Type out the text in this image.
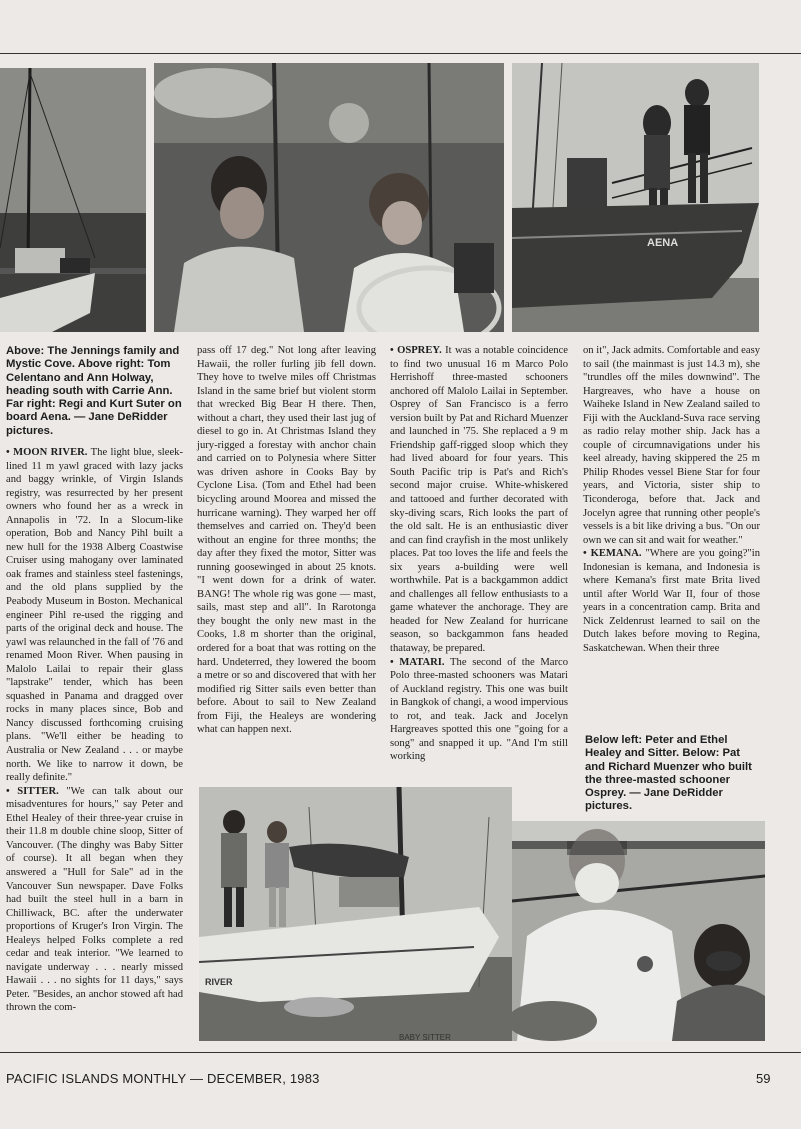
AENA

Above: The Jennings family and Mystic Cove. Above right: Tom Celentano and Ann Holway, heading south with Carrie Ann. Far right: Regi and Kurt Suter on board Aena. — Jane DeRidder pictures.

• MOON RIVER. The light blue, sleek-lined 11 m yawl graced with lazy jacks and baggy wrinkle, of Virgin Islands registry, was resurrected by her present owners who found her as a wreck in Annapolis in '72. In a Slocum-like operation, Bob and Nancy Pihl built a new hull for the 1938 Alberg Coastwise Cruiser using mahogany over laminated oak frames and stainless steel fastenings, and the old plans supplied by the Peabody Museum in Boston. Mechanical engineer Pihl re-used the rigging and parts of the original deck and house. The yawl was relaunched in the fall of '76 and renamed Moon River. When pausing in Malolo Lailai to repair their glass "lapstrake" tender, which has been squashed in Panama and dragged over rocks in many places since, Bob and Nancy discussed forthcoming cruising plans. "We'll either be heading to Australia or New Zealand . . . or maybe north. We like to narrow it down, be really definite."

• SITTER. "We can talk about our misadventures for hours," say Peter and Ethel Healey of their three-year cruise in their 11.8 m double chine sloop, Sitter of Vancouver. (The dinghy was Baby Sitter of course). It all began when they answered a "Hull for Sale" ad in the Vancouver Sun newspaper. Dave Folks had built the steel hull in a barn in Chilliwack, BC. after the underwater proportions of Kruger's Iron Virgin. The Healeys helped Folks complete a red cedar and teak interior. "We learned to navigate underway . . . nearly missed Hawaii . . . no sights for 11 days," says Peter. "Besides, an anchor stowed aft had thrown the com-

pass off 17 deg." Not long after leaving Hawaii, the roller furling jib fell down. They hove to twelve miles off Christmas Island in the same brief but violent storm that wrecked Big Bear H there. Then, without a chart, they used their last jug of diesel to go in. At Christmas Island they jury-rigged a forestay with anchor chain and carried on to Polynesia where Sitter was driven ashore in Cooks Bay by Cyclone Lisa. (Tom and Ethel had been bicycling around Moorea and missed the hurricane warning). They warped her off themselves and carried on. They'd been without an engine for three months; the day after they fixed the motor, Sitter was running goosewinged in about 25 knots. "I went down for a drink of water. BANG! The whole rig was gone — mast, sails, mast step and all". In Rarotonga they bought the only new mast in the Cooks, 1.8 m shorter than the original, ordered for a boat that was rotting on the hard. Undeterred, they lowered the boom a metre or so and discovered that with her modified rig Sitter sails even better than before. About to sail to New Zealand from Fiji, the Healeys are wondering what can happen next.

• OSPREY. It was a notable coincidence to find two unusual 16 m Marco Polo Herrishoff three-masted schooners anchored off Malolo Lailai in September. Osprey of San Francisco is a ferro version built by Pat and Richard Muenzer and launched in '75. She replaced a 9 m Friendship gaff-rigged sloop which they had lived aboard for four years. This South Pacific trip is Pat's and Rich's second major cruise. White-whiskered and tattooed and further decorated with sky-diving scars, Rich looks the part of the old salt. He is an enthusiastic diver and can find crayfish in the most unlikely places. Pat too loves the life and feels the six years a-building were well worthwhile. Pat is a backgammon addict and challenges all fellow enthusiasts to a game whatever the anchorage. They are headed for New Zealand for hurricane season, so backgammon fans headed thataway, be prepared.

• MATARI. The second of the Marco Polo three-masted schooners was Matari of Auckland registry. This one was built in Bangkok of changi, a wood impervious to rot, and teak. Jack and Jocelyn Hargreaves spotted this one "going for a song" and snapped it up. "And I'm still working

on it", Jack admits. Comfortable and easy to sail (the mainmast is just 14.3 m), she "trundles off the miles downwind". The Hargreaves, who have a house on Waiheke Island in New Zealand sailed to Fiji with the Auckland-Suva race serving as radio relay mother ship. Jack has a couple of circumnavigations under his keel already, having skippered the 25 m Philip Rhodes vessel Biene Star for four years, and Victoria, sister ship to Ticonderoga, before that. Jack and Jocelyn agree that running other people's vessels is a bit like driving a bus. "On our own we can sit and wait for weather."

• KEMANA. "Where are you going?"in Indonesian is kemana, and Indonesia is where Kemana's first mate Brita lived until after World War II, four of those years in a concentration camp. Brita and Nick Zeldenrust learned to sail on the Dutch lakes before moving to Regina, Saskatchewan. When their three

Below left: Peter and Ethel Healey and Sitter. Below: Pat and Richard Muenzer who built the three-masted schooner Osprey. — Jane DeRidder pictures.

RIVER
BABY SITTER
PACIFIC ISLANDS MONTHLY — DECEMBER, 1983	59
